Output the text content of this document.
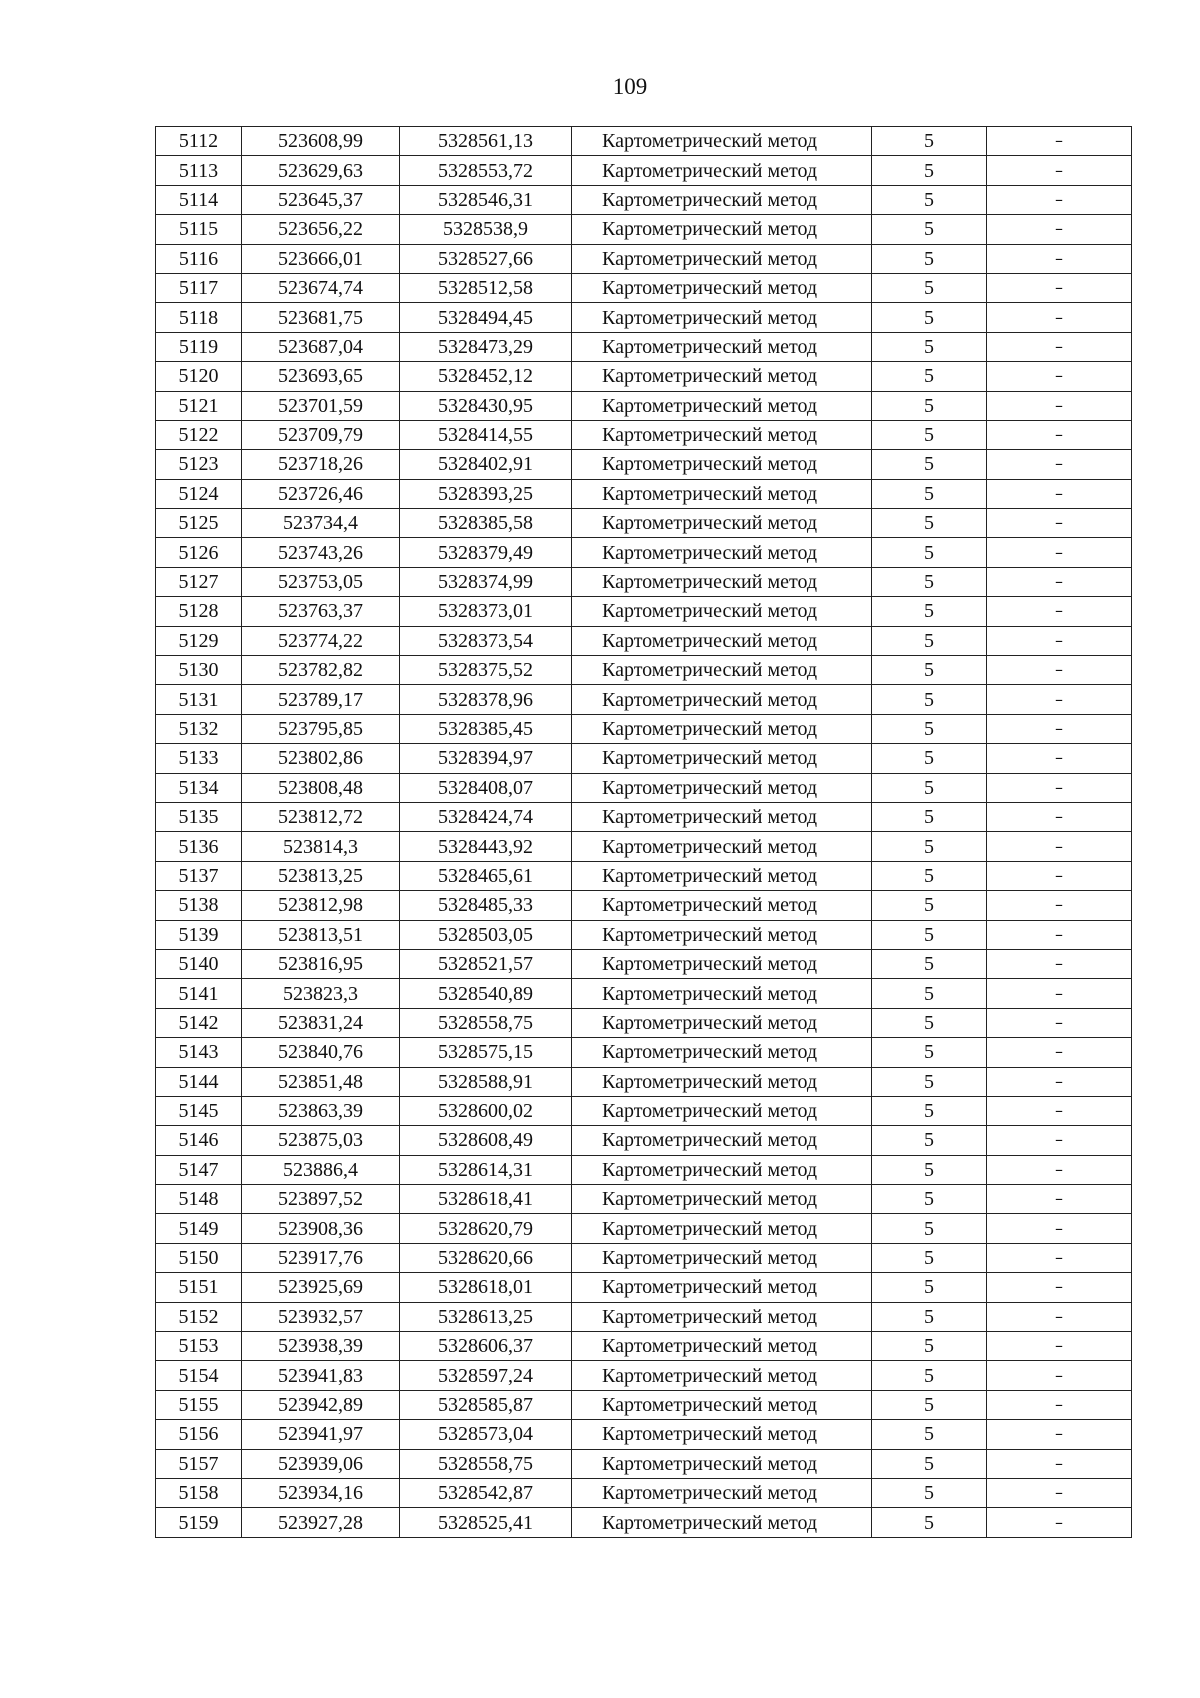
109
5112	523608,99	5328561,13	Картометрический метод	5	–
5113	523629,63	5328553,72	Картометрический метод	5	–
5114	523645,37	5328546,31	Картометрический метод	5	–
5115	523656,22	5328538,9	Картометрический метод	5	–
5116	523666,01	5328527,66	Картометрический метод	5	–
5117	523674,74	5328512,58	Картометрический метод	5	–
5118	523681,75	5328494,45	Картометрический метод	5	–
5119	523687,04	5328473,29	Картометрический метод	5	–
5120	523693,65	5328452,12	Картометрический метод	5	–
5121	523701,59	5328430,95	Картометрический метод	5	–
5122	523709,79	5328414,55	Картометрический метод	5	–
5123	523718,26	5328402,91	Картометрический метод	5	–
5124	523726,46	5328393,25	Картометрический метод	5	–
5125	523734,4	5328385,58	Картометрический метод	5	–
5126	523743,26	5328379,49	Картометрический метод	5	–
5127	523753,05	5328374,99	Картометрический метод	5	–
5128	523763,37	5328373,01	Картометрический метод	5	–
5129	523774,22	5328373,54	Картометрический метод	5	–
5130	523782,82	5328375,52	Картометрический метод	5	–
5131	523789,17	5328378,96	Картометрический метод	5	–
5132	523795,85	5328385,45	Картометрический метод	5	–
5133	523802,86	5328394,97	Картометрический метод	5	–
5134	523808,48	5328408,07	Картометрический метод	5	–
5135	523812,72	5328424,74	Картометрический метод	5	–
5136	523814,3	5328443,92	Картометрический метод	5	–
5137	523813,25	5328465,61	Картометрический метод	5	–
5138	523812,98	5328485,33	Картометрический метод	5	–
5139	523813,51	5328503,05	Картометрический метод	5	–
5140	523816,95	5328521,57	Картометрический метод	5	–
5141	523823,3	5328540,89	Картометрический метод	5	–
5142	523831,24	5328558,75	Картометрический метод	5	–
5143	523840,76	5328575,15	Картометрический метод	5	–
5144	523851,48	5328588,91	Картометрический метод	5	–
5145	523863,39	5328600,02	Картометрический метод	5	–
5146	523875,03	5328608,49	Картометрический метод	5	–
5147	523886,4	5328614,31	Картометрический метод	5	–
5148	523897,52	5328618,41	Картометрический метод	5	–
5149	523908,36	5328620,79	Картометрический метод	5	–
5150	523917,76	5328620,66	Картометрический метод	5	–
5151	523925,69	5328618,01	Картометрический метод	5	–
5152	523932,57	5328613,25	Картометрический метод	5	–
5153	523938,39	5328606,37	Картометрический метод	5	–
5154	523941,83	5328597,24	Картометрический метод	5	–
5155	523942,89	5328585,87	Картометрический метод	5	–
5156	523941,97	5328573,04	Картометрический метод	5	–
5157	523939,06	5328558,75	Картометрический метод	5	–
5158	523934,16	5328542,87	Картометрический метод	5	–
5159	523927,28	5328525,41	Картометрический метод	5	–
